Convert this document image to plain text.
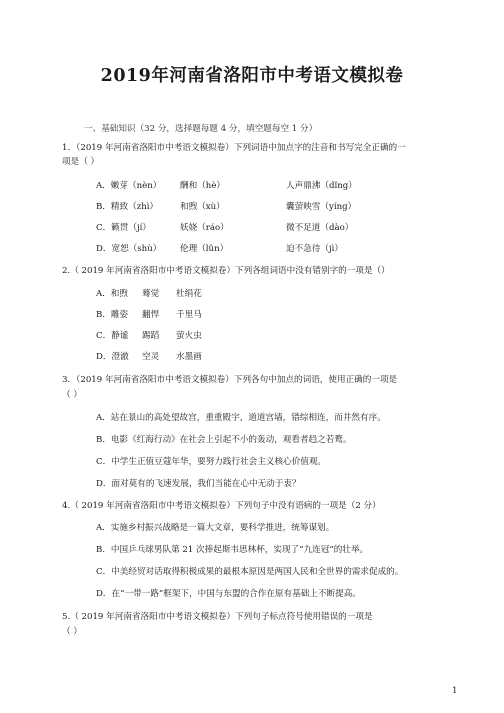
2019年河南省洛阳市中考语文模拟卷
一、基础知识（32 分，选择题每题 4 分，填空题每空 1 分）
1．（2019 年河南省洛阳市中考语文模拟卷）下列词语中加点字的注音和书写完全正确的一
项是（ ）
A．嫩芽（nèn） 酬和（hè）	人声鼎沸（dǐng）
B．精致（zhì）	和煦（xù）	囊萤映雪（yíng）
C．籁贯（jí）	妖娆（ráo）	微不足道（dào）
D．宽恕（shù） 伦理（lǔn）	迫不急待（jì）
2.（ 2019 年河南省洛阳市中考语文模拟卷）下列各组词语中没有错别字的一项是（）
A．和煦 蓦觉 杜绢花
B．雕姿 翻悍 千里马
C．静谧 踢蹈 萤火虫
D．澄澈 空灵 水墨画
3．（2019 年河南省洛阳市中考语文模拟卷）下列各句中加点的词语，使用正确的一项是
（ ）
A．站在景山的高处望故宫，重重殿宇，道道宫墙，错综相连，而井然有序。
B．电影《红海行动》在社会上引起不小的轰动，观看者趋之若鹜。
C．中学生正值豆蔻年华，要努力践行社会主义核心价值观。
D．面对莫有的飞速发展，我们当能在心中无动于衷？
4.（ 2019 年河南省洛阳市中考语文模拟卷）下列句子中没有语病的一项是（2 分）
A．实施乡村振兴战略是一篇大文章，要科学推进，统筹谋划。
B．中国乒乓球男队第 21 次捧起斯韦思林杯，实现了“九连冠”的壮举。
C．中美经贸对话取得积极成果的最根本原因是两国人民和全世界的需求促成的。
D．在“一带一路”框架下，中国与东盟的合作在原有基础上不断提高。
5.（ 2019 年河南省洛阳市中考语文模拟卷）下列句子标点符号使用错误的一项是
（ ）
1
